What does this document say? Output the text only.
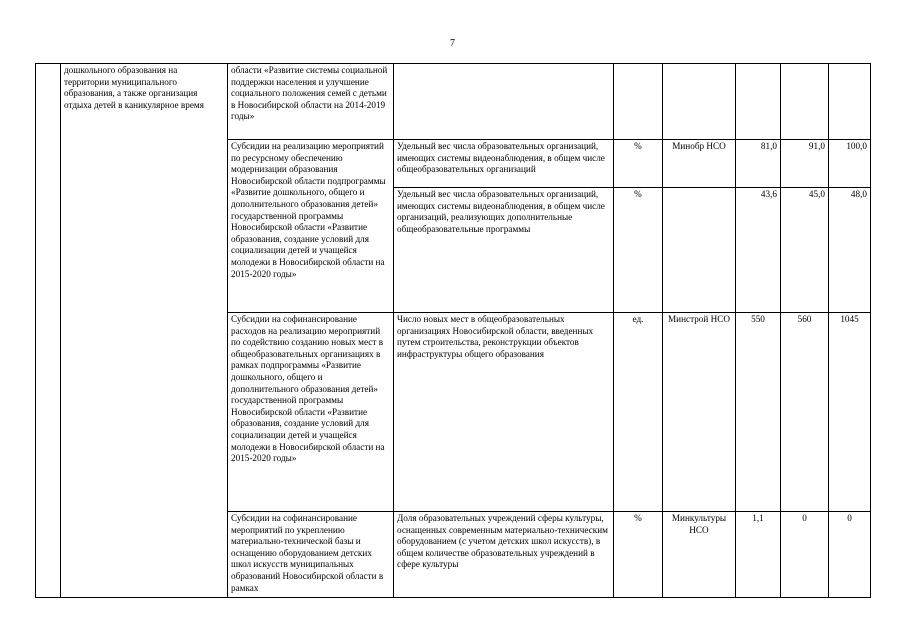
7
	дошкольного образования на территории муниципального образования, а также организация отдыха детей в каникулярное время	области «Развитие системы социальной поддержки населения и улучшение социального положения семей с детьми в Новосибирской области на 2014-2019 годы»						
		Субсидии на реализацию мероприятий по ресурсному обеспечению модернизации образования Новосибирской области подпрограммы «Развитие дошкольного, общего и дополнительного образования детей» государственной программы Новосибирской области «Развитие образования, создание условий для социализации детей и учащейся молодежи в Новосибирской области на 2015-2020 годы»	Удельный вес числа образовательных организаций, имеющих системы видеонаблюдения, в общем числе общеобразовательных организаций	%	Минобр НСО	81,0	91,0	100,0
			Удельный вес числа образовательных организаций, имеющих системы видеонаблюдения, в общем числе организаций, реализующих дополнительные общеобразовательные программы	%		43,6	45,0	48,0
		Субсидии на софинансирование расходов на реализацию мероприятий по содействию созданию новых мест в общеобразовательных организациях в рамках подпрограммы «Развитие дошкольного, общего и дополнительного образования детей» государственной программы Новосибирской области «Развитие образования, создание условий для социализации детей и учащейся молодежи в Новосибирской области на 2015-2020 годы»	Число новых мест в общеобразовательных организациях Новосибирской области, введенных путем строительства, реконструкции объектов инфраструктуры общего образования	ед.	Минстрой НСО	550	560	1045
		Субсидии на софинансирование мероприятий по укреплению материально-технической базы и оснащению оборудованием детских школ искусств муниципальных образований Новосибирской области в рамках	Доля образовательных учреждений сферы культуры, оснащенных современным материально-техническим оборудованием (с учетом детских школ искусств), в общем количестве образовательных учреждений в сфере культуры	%	Минкультуры НСО	1,1	0	0
